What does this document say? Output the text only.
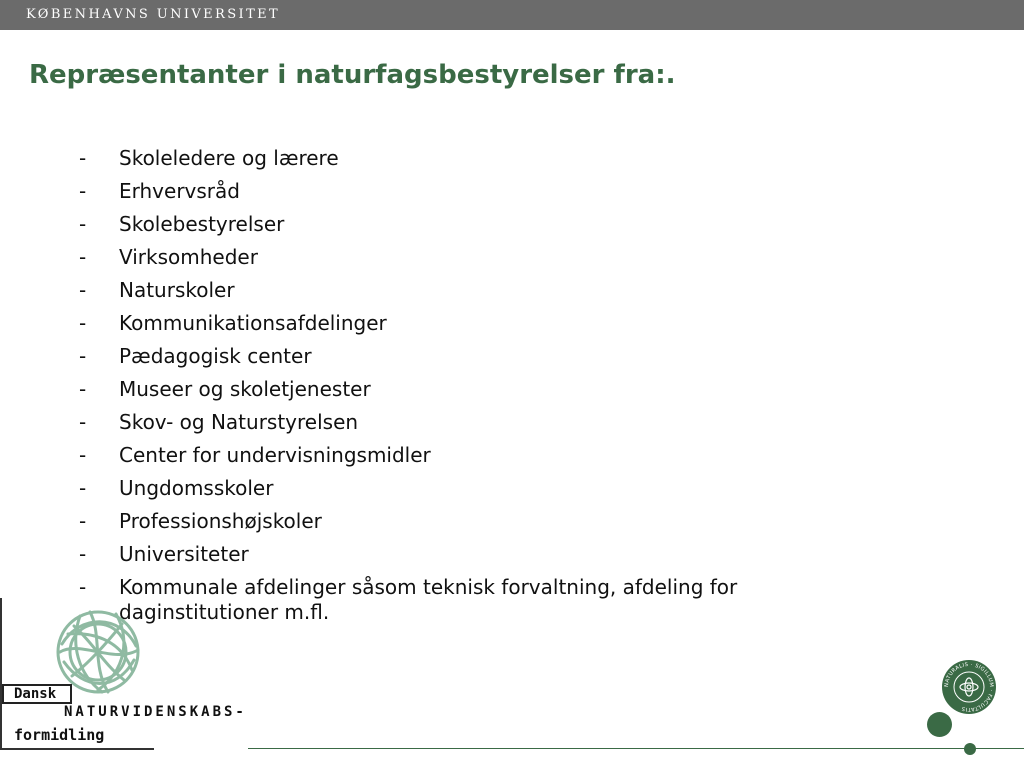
KØBENHAVNS UNIVERSITET
Repræsentanter i naturfagsbestyrelser fra:.
-	Skoleledere og lærere
-	Erhvervsråd
-	Skolebestyrelser
-	Virksomheder
-	Naturskoler
-	Kommunikationsafdelinger
-	Pædagogisk center
-	Museer og skoletjenester
-	Skov- og Naturstyrelsen
-	Center for undervisningsmidler
-	Ungdomsskoler
-	Professionshøjskoler
-	Universiteter
-	Kommunale afdelinger såsom teknisk forvaltning, afdeling for daginstitutioner m.fl.
Dansk
NATURVIDENSKABS-
formidling
NATURALIS · SIGILLUM · FACULTATIS
